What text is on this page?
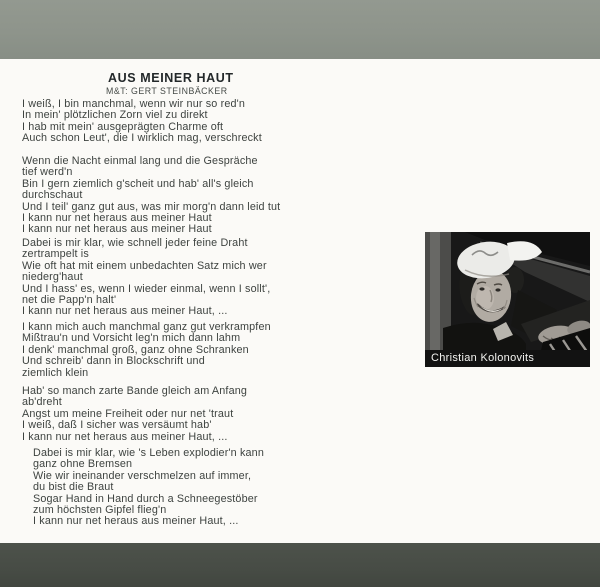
AUS MEINER HAUT
M&T: GERT STEINBÄCKER
I weiß, I bin manchmal, wenn wir nur so red'n
In mein' plötzlichen Zorn viel zu direkt
I hab mit mein' ausgeprägten Charme oft
Auch schon Leut', die I wirklich mag, verschreckt
Wenn die Nacht einmal lang und die Gespräche
tief werd'n
Bin I gern ziemlich g'scheit und hab' all's gleich
durchschaut
Und I teil' ganz gut aus, was mir morg'n dann leid tut
I kann nur net heraus aus meiner Haut
I kann nur net heraus aus meiner Haut
Dabei is mir klar, wie schnell jeder feine Draht
zertrampelt is
Wie oft hat mit einem unbedachten Satz mich wer
niederg'haut
Und I hass' es, wenn I wieder einmal, wenn I sollt',
net die Papp'n halt'
I kann nur net heraus aus meiner Haut, ...
I kann mich auch manchmal ganz gut verkrampfen
Mißtrau'n und Vorsicht leg'n mich dann lahm
I denk' manchmal groß, ganz ohne Schranken
Und schreib' dann in Blockschrift und
ziemlich klein
Hab' so manch zarte Bande gleich am Anfang
ab'dreht
Angst um meine Freiheit oder nur net 'traut
I weiß, daß I sicher was versäumt hab'
I kann nur net heraus aus meiner Haut, ...
Dabei is mir klar, wie 's Leben explodier'n kann
ganz ohne Bremsen
Wie wir ineinander verschmelzen auf immer,
du bist die Braut
Sogar Hand in Hand durch a Schneegestöber
zum höchsten Gipfel flieg'n
I kann nur net heraus aus meiner Haut, ...
Christian Kolonovits
